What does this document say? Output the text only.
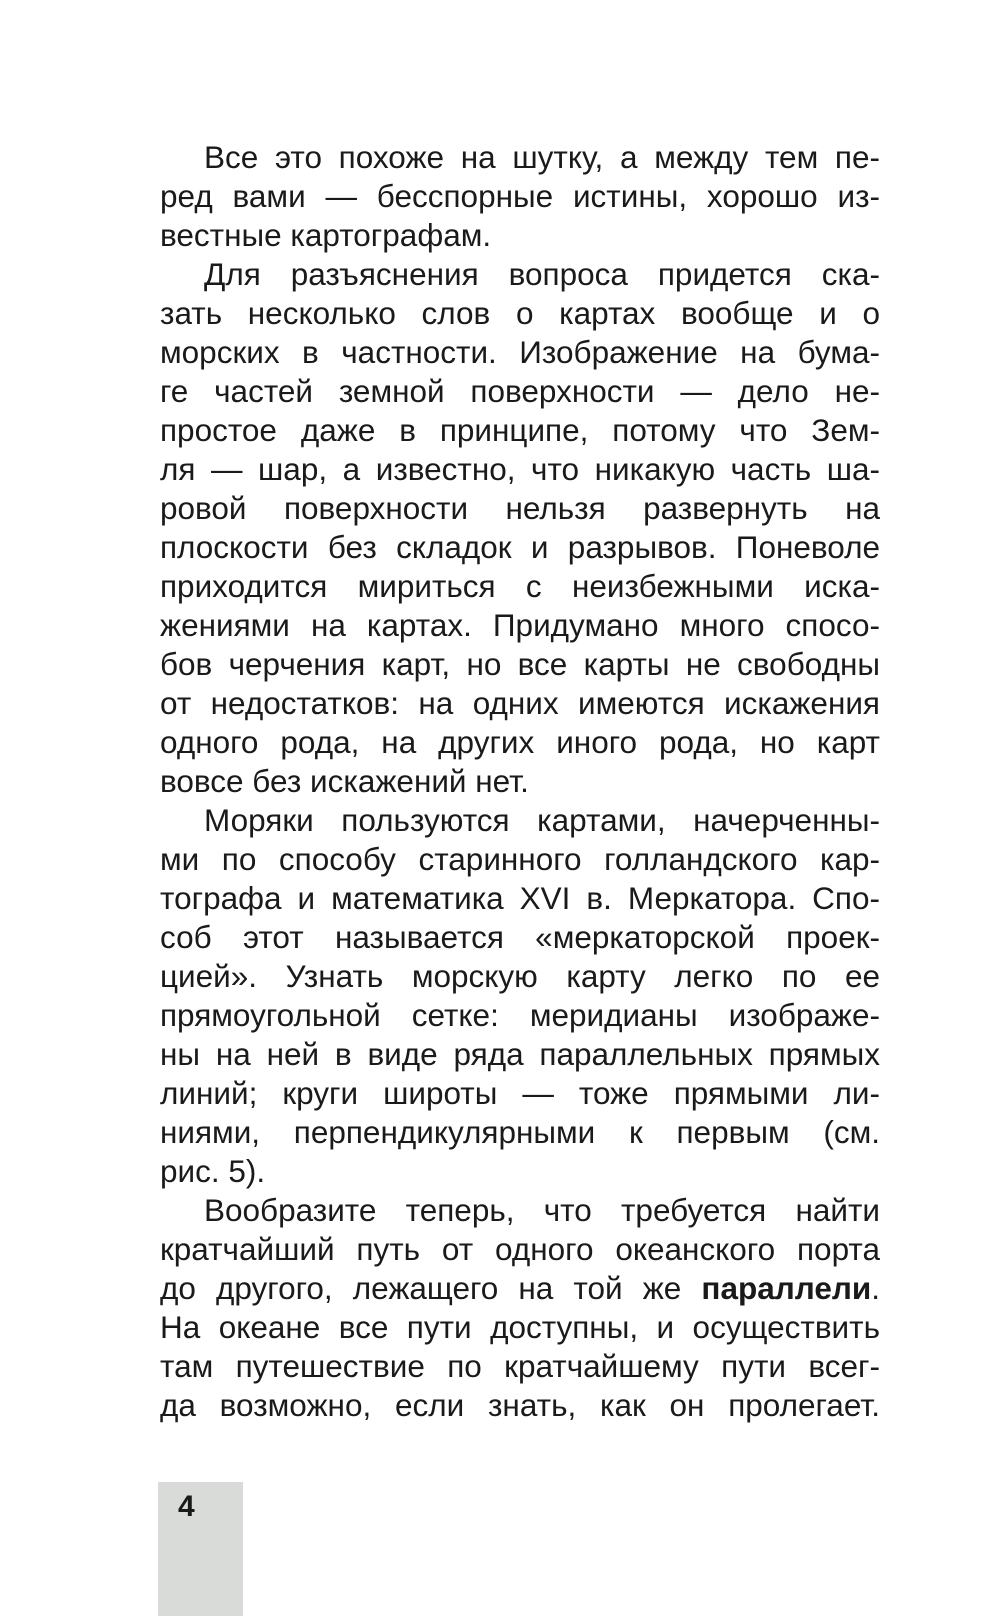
Все это похоже на шутку, а между тем пе-
ред вами — бесспорные истины, хорошо из-
вестные картографам.

Для разъяснения вопроса придется ска-
зать несколько слов о картах вообще и о
морских в частности. Изображение на бума-
ге частей земной поверхности — дело не-
простое даже в принципе, потому что Зем-
ля — шар, а известно, что никакую часть ша-
ровой поверхности нельзя развернуть на
плоскости без складок и разрывов. Поневоле
приходится мириться с неизбежными иска-
жениями на картах. Придумано много спосо-
бов черчения карт, но все карты не свободны
от недостатков: на одних имеются искажения
одного рода, на других иного рода, но карт
вовсе без искажений нет.

Моряки пользуются картами, начерченны-
ми по способу старинного голландского кар-
тографа и математика XVI в. Меркатора. Спо-
соб этот называется «меркаторской проек-
цией». Узнать морскую карту легко по ее
прямоугольной сетке: меридианы изображе-
ны на ней в виде ряда параллельных прямых
линий; круги широты — тоже прямыми ли-
ниями, перпендикулярными к первым (см.
рис. 5).

Вообразите теперь, что требуется найти
кратчайший путь от одного океанского порта
до другого, лежащего на той же параллели.
На океане все пути доступны, и осуществить
там путешествие по кратчайшему пути всег-
да возможно, если знать, как он пролегает.

4
